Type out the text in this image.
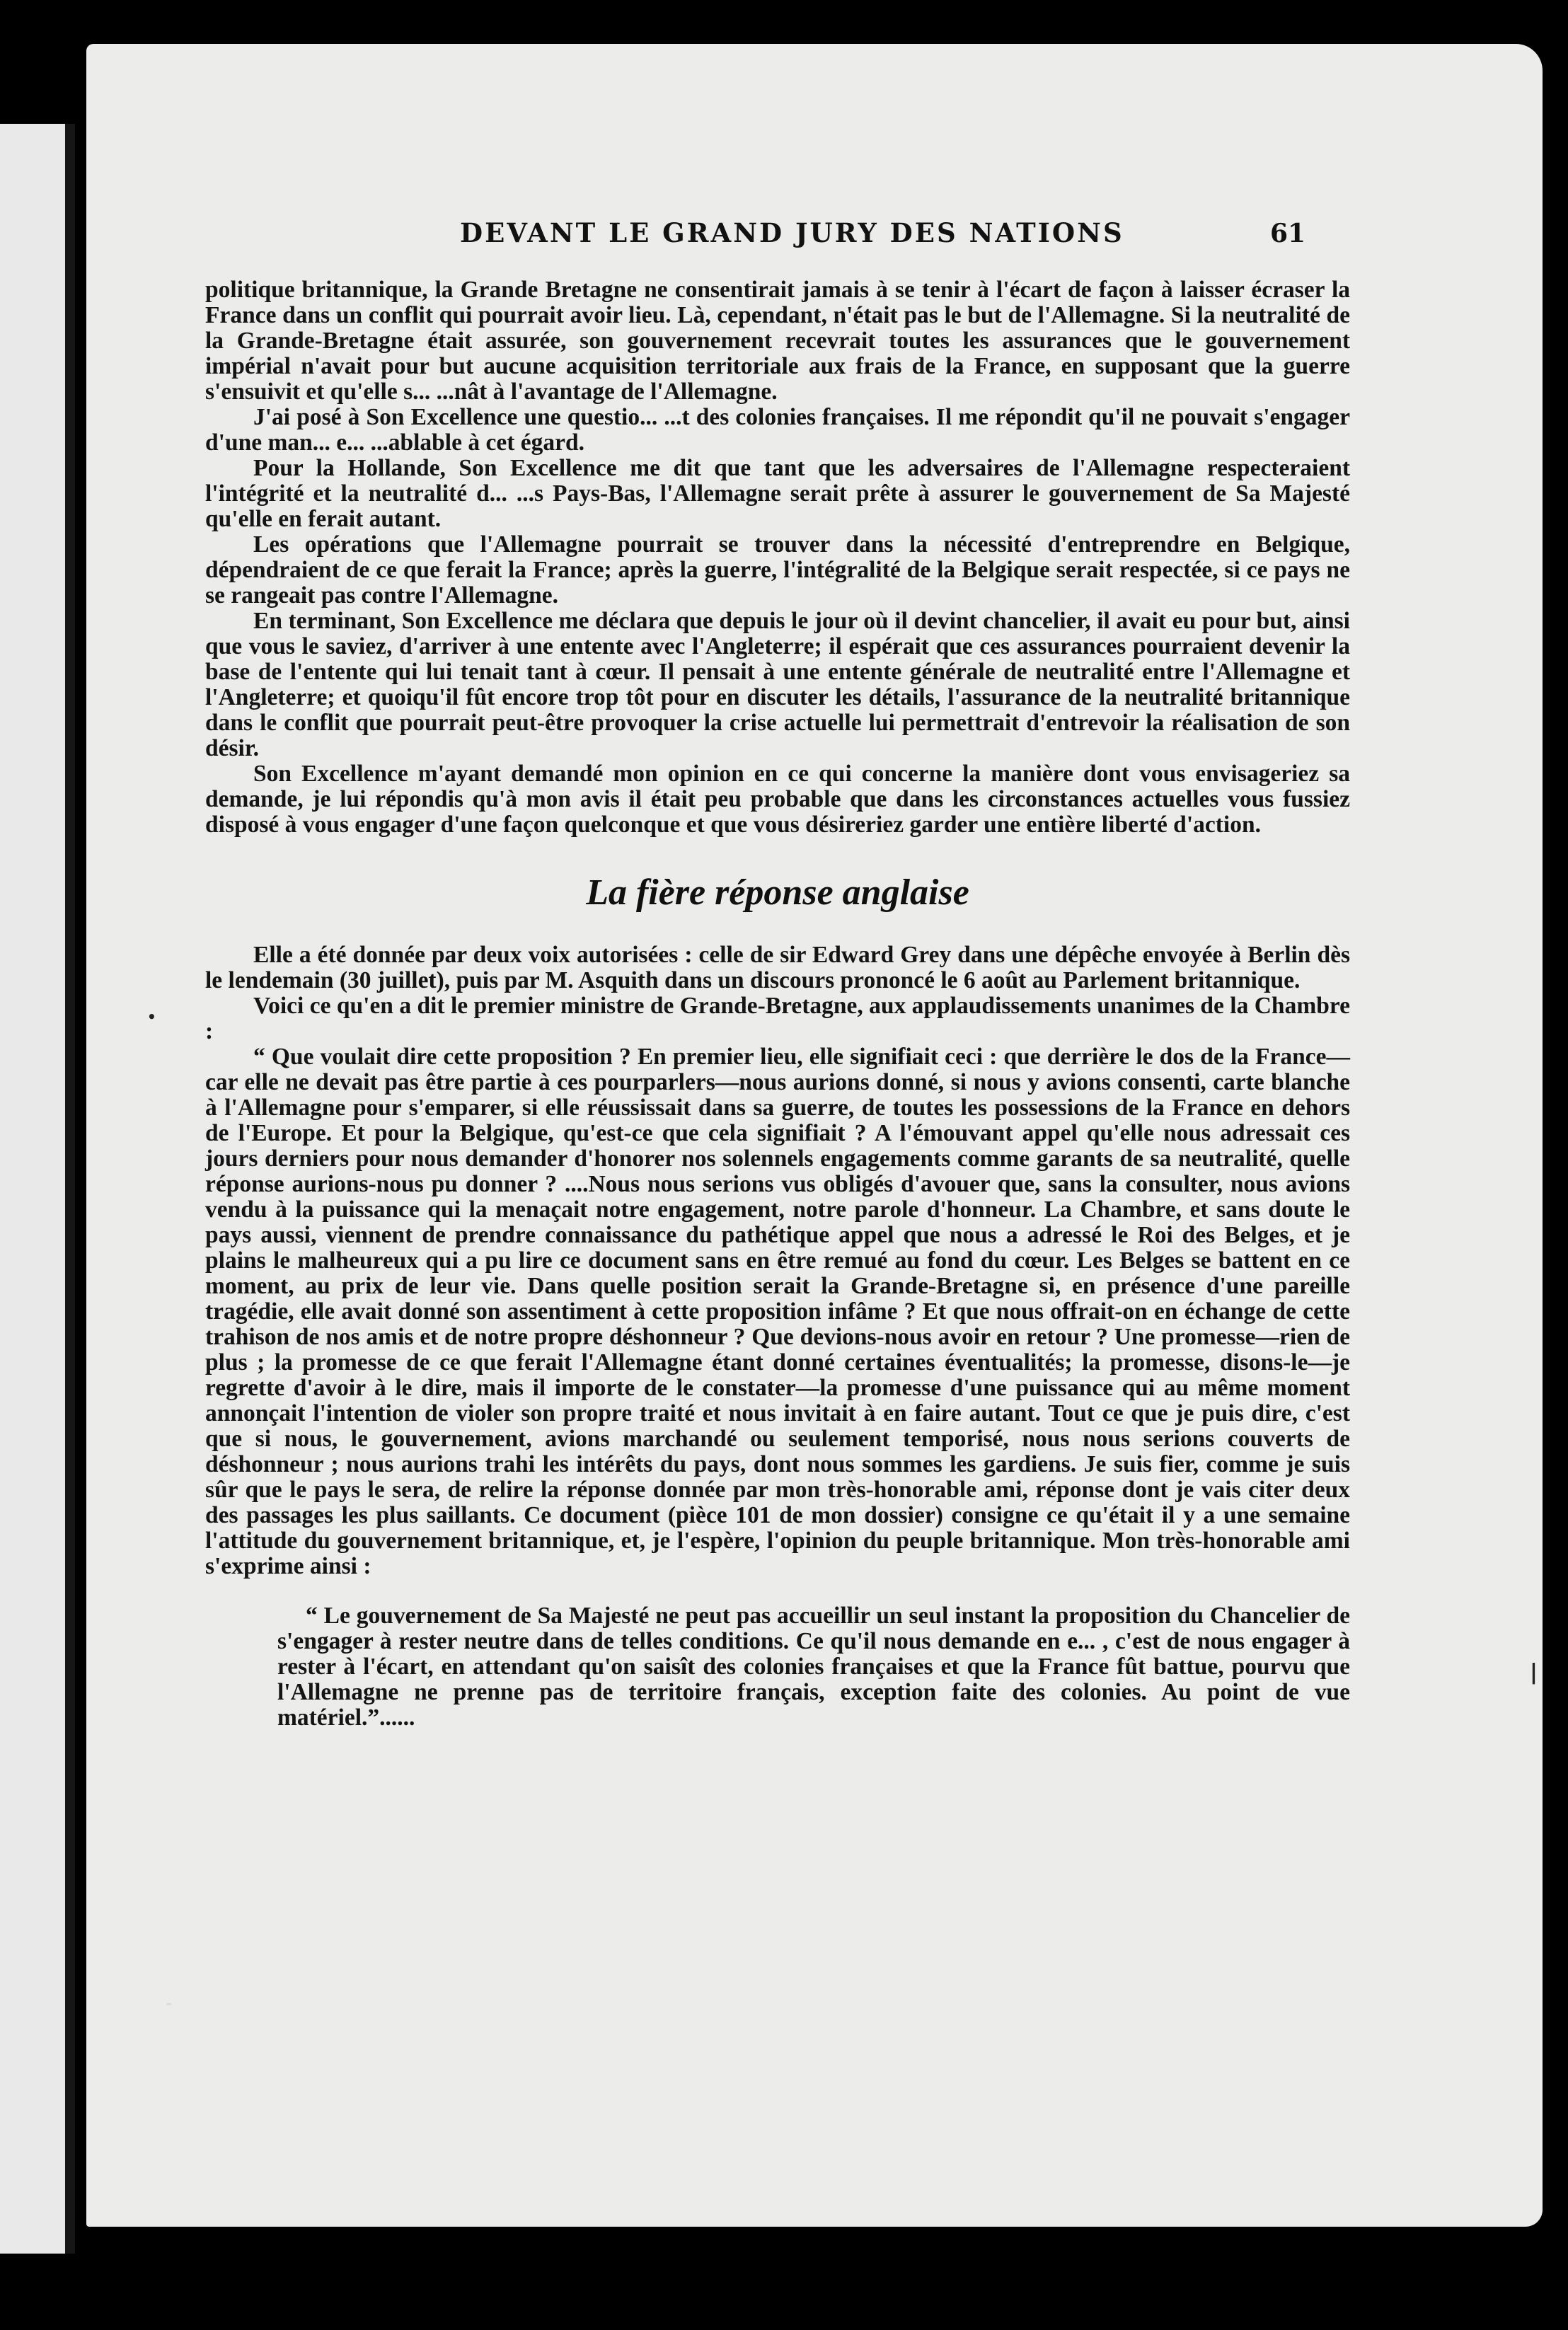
DEVANT LE GRAND JURY DES NATIONS	61

politique britannique, la Grande Bretagne ne consentirait jamais à se tenir à l'écart de façon à laisser écraser la France dans un conflit qui pourrait avoir lieu. Là, cependant, n'était pas le but de l'Allemagne. Si la neutralité de la Grande-Bretagne était assurée, son gouvernement recevrait toutes les assurances que le gouvernement impérial n'avait pour but aucune acquisition territoriale aux frais de la France, en supposant que la guerre s'ensuivit et qu'elle s... ...nât à l'avantage de l'Allemagne.

J'ai posé à Son Excellence une questio... ...t des colonies françaises. Il me répondit qu'il ne pouvait s'engager d'une man... e... ...ablable à cet égard.

Pour la Hollande, Son Excellence me dit que tant que les adversaires de l'Allemagne respecteraient l'intégrité et la neutralité d... ...s Pays-Bas, l'Allemagne serait prête à assurer le gouvernement de Sa Majesté qu'elle en ferait autant.

Les opérations que l'Allemagne pourrait se trouver dans la nécessité d'entreprendre en Belgique, dépendraient de ce que ferait la France; après la guerre, l'intégralité de la Belgique serait respectée, si ce pays ne se rangeait pas contre l'Allemagne.

En terminant, Son Excellence me déclara que depuis le jour où il devint chancelier, il avait eu pour but, ainsi que vous le saviez, d'arriver à une entente avec l'Angleterre; il espérait que ces assurances pourraient devenir la base de l'entente qui lui tenait tant à cœur. Il pensait à une entente générale de neutralité entre l'Allemagne et l'Angleterre; et quoiqu'il fût encore trop tôt pour en discuter les détails, l'assurance de la neutralité britannique dans le conflit que pourrait peut-être provoquer la crise actuelle lui permettrait d'entrevoir la réalisation de son désir.

Son Excellence m'ayant demandé mon opinion en ce qui concerne la manière dont vous envisageriez sa demande, je lui répondis qu'à mon avis il était peu probable que dans les circonstances actuelles vous fussiez disposé à vous engager d'une façon quelconque et que vous désireriez garder une entière liberté d'action.

La fière réponse anglaise

Elle a été donnée par deux voix autorisées : celle de sir Edward Grey dans une dépêche envoyée à Berlin dès le lendemain (30 juillet), puis par M. Asquith dans un discours prononcé le 6 août au Parlement britannique.

Voici ce qu'en a dit le premier ministre de Grande-Bretagne, aux applaudissements unanimes de la Chambre :

“ Que voulait dire cette proposition ? En premier lieu, elle signifiait ceci : que derrière le dos de la France—car elle ne devait pas être partie à ces pourparlers—nous aurions donné, si nous y avions consenti, carte blanche à l'Allemagne pour s'emparer, si elle réussissait dans sa guerre, de toutes les possessions de la France en dehors de l'Europe. Et pour la Belgique, qu'est-ce que cela signifiait ? A l'émouvant appel qu'elle nous adressait ces jours derniers pour nous demander d'honorer nos solennels engagements comme garants de sa neutralité, quelle réponse aurions-nous pu donner ? ....Nous nous serions vus obligés d'avouer que, sans la consulter, nous avions vendu à la puissance qui la menaçait notre engagement, notre parole d'honneur. La Chambre, et sans doute le pays aussi, viennent de prendre connaissance du pathétique appel que nous a adressé le Roi des Belges, et je plains le malheureux qui a pu lire ce document sans en être remué au fond du cœur. Les Belges se battent en ce moment, au prix de leur vie. Dans quelle position serait la Grande-Bretagne si, en présence d'une pareille tragédie, elle avait donné son assentiment à cette proposition infâme ? Et que nous offrait-on en échange de cette trahison de nos amis et de notre propre déshonneur ? Que devions-nous avoir en retour ? Une promesse—rien de plus ; la promesse de ce que ferait l'Allemagne étant donné certaines éventualités; la promesse, disons-le—je regrette d'avoir à le dire, mais il importe de le constater—la promesse d'une puissance qui au même moment annonçait l'intention de violer son propre traité et nous invitait à en faire autant. Tout ce que je puis dire, c'est que si nous, le gouvernement, avions marchandé ou seulement temporisé, nous nous serions couverts de déshonneur ; nous aurions trahi les intérêts du pays, dont nous sommes les gardiens. Je suis fier, comme je suis sûr que le pays le sera, de relire la réponse donnée par mon très-honorable ami, réponse dont je vais citer deux des passages les plus saillants. Ce document (pièce 101 de mon dossier) consigne ce qu'était il y a une semaine l'attitude du gouvernement britannique, et, je l'espère, l'opinion du peuple britannique. Mon très-honorable ami s'exprime ainsi :

“ Le gouvernement de Sa Majesté ne peut pas accueillir un seul instant la proposition du Chancelier de s'engager à rester neutre dans de telles conditions. Ce qu'il nous demande en e... , c'est de nous engager à rester à l'écart, en attendant qu'on saisît des colonies françaises et que la France fût battue, pourvu que l'Allemagne ne prenne pas de territoire français, exception faite des colonies. Au point de vue matériel.”......

•
|
-
